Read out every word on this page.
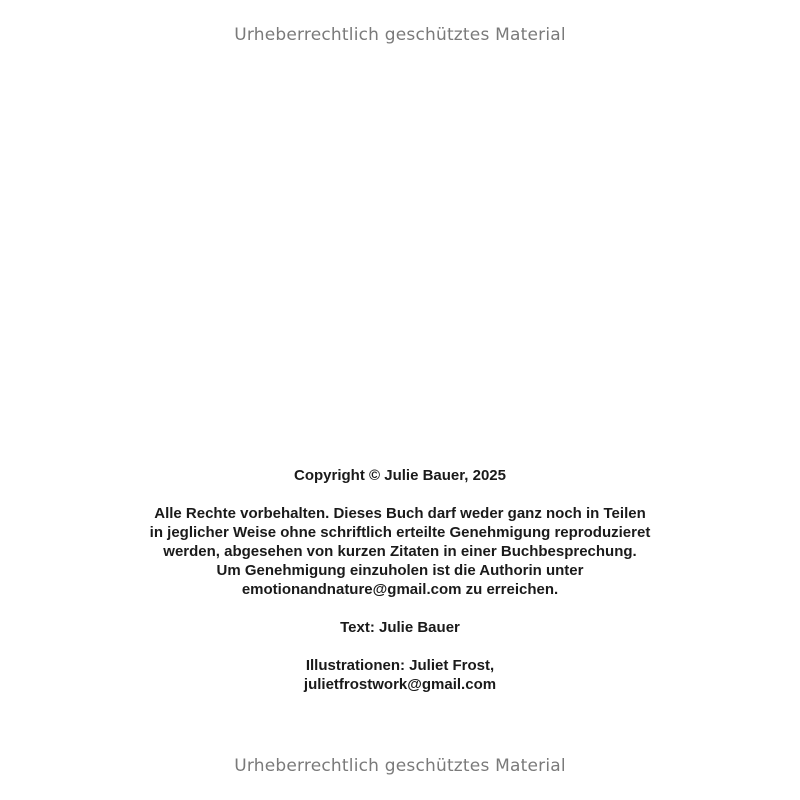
Urheberrechtlich geschütztes Material

Copyright © Julie Bauer, 2025

Alle Rechte vorbehalten. Dieses Buch darf weder ganz noch in Teilen

in jeglicher Weise ohne schriftlich erteilte Genehmigung reproduzieret

werden, abgesehen von kurzen Zitaten in einer Buchbesprechung.

Um Genehmigung einzuholen ist die Authorin unter

emotionandnature@gmail.com zu erreichen.

Text: Julie Bauer

Illustrationen: Juliet Frost,

julietfrostwork@gmail.com

Urheberrechtlich geschütztes Material
